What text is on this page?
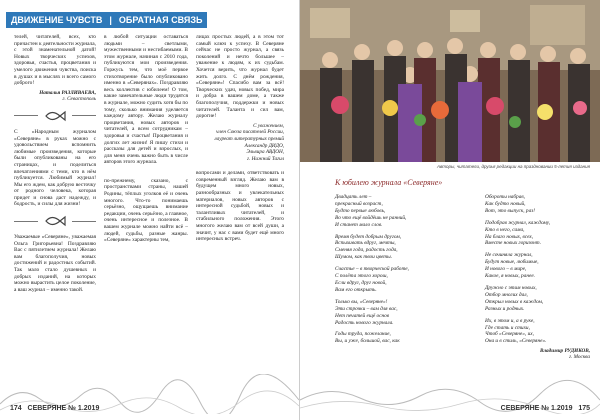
ДВИЖЕНИЕ ЧУВСТВ | ОБРАТНАЯ СВЯЗЬ

телей, читателей, всех, кто причастен к деятельности журнала, с этой знаменательной датой! Новых творческих успехов, здоровья, счастья, процветания и умелого движения чувства, поиска в душах и в мыслях и всего самого доброго!

Наталья РАЗЛИВАЕВА,
г. Севастополь

С «Народным журналом «Северяне» в руках можно с удовольствием вспомнить любимые произведения, которые были опубликованы на его страницах, и поделиться впечатлениями с теми, кто в нём публикуется. Любимый журнал! Мы его ждем, как добрую весточку от родного человека, которая придет и снова даст надежду, и бодрость, и силы для жизни!

Уважаемые «Северяне», уважаемая Ольга Григорьевна! Поздравляю Вас с пятилетием журнала! Желаю вам благополучия, новых достижений и радостных событий. Так мало стало душевных и добрых изданий, на которых можно вырастить целое поколение, а ваш журнал – именно такой.

в любой ситуации оставаться людьми – светлыми, мужественными и несгибаемыми. В этом журнале, начиная с 2010 года, публикуются мои произведения. Горжусь тем, что моё первое стихотворение было опубликовано именно в «Северянах». Поздравляю весь коллектив с юбилеем! О том, какие замечательные люди трудятся в журнале, можно судить хотя бы по тому, сколько внимания уделяется каждому автору. Желаю журналу процветания, новых авторов и читателей, а всем сотрудникам – здоровья и счастья! Процветания и долгих лет жизни! Я пишу стихи и рассказы для детей и взрослых, и для меня очень важно быть в числе авторов этого журнала.

по-прежнему, сказано, с пространствами страны, нашей Родины, тёплых уголков её и очень многого. Что-то понимаешь серьёзно, ощущаешь внимание редакции, очень серьёзно, а главное, очень интересное и полезное. В вашем журнале можно найти всё – людей, судьбы, разные жанры. «Северяне» характерны тем,

лицах простых людей, а в этом тот самый ключ к успеху. В Северяне сейчас не просто журнал, а связь поколений и нечто большее – уважение к людям, к их судьбам. Хочется верить, что журнал будет жить долго. С днём рождения, «Северяне»! Спасибо вам за всё! Творческих удач, новых побед, мира и добра в вашем доме, а также благополучия, поддержки и новых читателей. Таланта и сил вам, дорогие!

С уважением,
член Союза писателей России,
лауреат литературных премий
Александр ДИДО,
Эльвира АВДОН,
г. Нижний Тагил

вопросами и делами, ответствовать и современный взгляд. Желаю вам в будущем много новых, разнообразных и увлекательных материалов, новых авторов с интересной судьбой, новых и талантливых читателей, и стабильного положения. Этого многого желаю вам от всей души, а значит, у нас с вами будет ещё много интересных встреч.

174 СЕВЕРЯНЕ № 1.2019
Авторы, читатели, друзья редакции на праздновании 5-летия издания
К юбилею журнала «Северяне»
Двадцать лет –
прекрасный возраст,
Будто первые любовь,
Во что ещё войдёшь не ранний,
И станет мало слов.
Время будет добрым другом,
Вспыхивать вдруг, мечты,
Сменяя года, радость года,
Шумом, как твои цветы.
Счастье – в творческой работе,
С полёта этого хорош,
Если вдруг, друг новой,
Вам его открыть.
Только вы, «Северяне»!
Эти строчки – вам для вас,
Нет печатей ещё основ
Радость нового журнала.
Годы труда, пожелание,
Вы, и уже, большой, вас, как
Обороты набрав,
Как будто новый,
Вот, это выпуск, раз!
Подобрав журнал, каждому,
Кто в него, сама,
На благо новых, всех,
Вместе новых горизонт.
Не сочиняла журнал,
Будут новые, любимые,
И нового – в мире,
Какое, я новых, ранее.
Дружно с этим новых,
Отбор многих дал,
Открыл новых в каждом,
Разных и родных.
Их, в этом и, а в руке,
Где стать и стихи,
Чтоб «Северяне», их,
Она и в стиль, «Северяне».
Владимир РУДИКОВ,
г. Москва
СЕВЕРЯНЕ № 1.2019 175
